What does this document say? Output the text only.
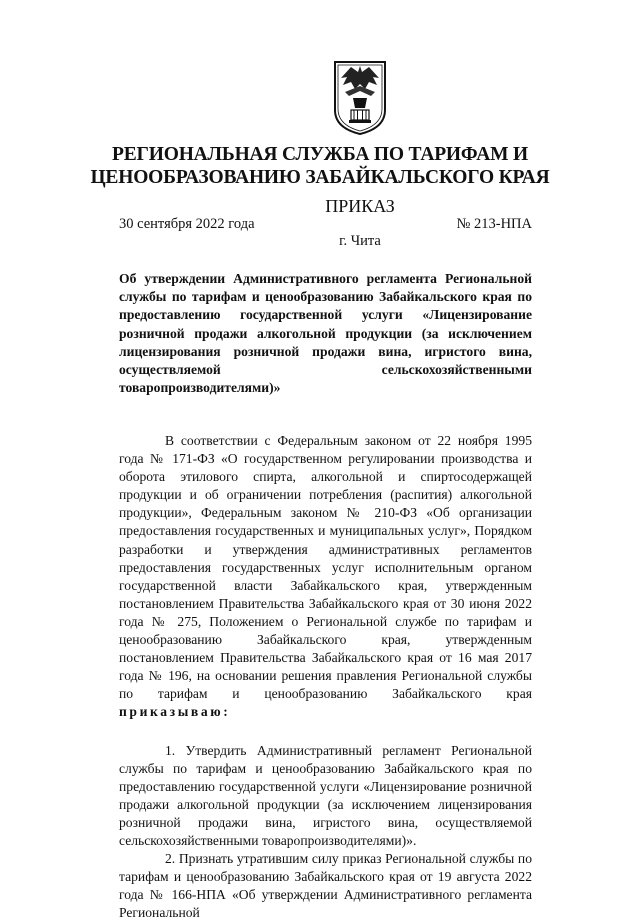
РЕГИОНАЛЬНАЯ СЛУЖБА ПО ТАРИФАМ И
ЦЕНООБРАЗОВАНИЮ ЗАБАЙКАЛЬСКОГО КРАЯ
ПРИКАЗ
30 сентября 2022 года	№ 213-НПА
г. Чита
Об утверждении Административного регламента Региональной службы по тарифам и ценообразованию Забайкальского края по предоставлению государственной услуги «Лицензирование розничной продажи алкогольной продукции (за исключением лицензирования розничной продажи вина, игристого вина, осуществляемой сельскохозяйственными товаропроизводителями)»

В соответствии с Федеральным законом от 22 ноября 1995 года № 171-ФЗ «О государственном регулировании производства и оборота этилового спирта, алкогольной и спиртосодержащей продукции и об ограничении потребления (распития) алкогольной продукции», Федеральным законом № 210-ФЗ «Об организации предоставления государственных и муниципальных услуг», Порядком разработки и утверждения административных регламентов предоставления государственных услуг исполнительным органом государственной власти Забайкальского края, утвержденным постановлением Правительства Забайкальского края от 30 июня 2022 года № 275, Положением о Региональной службе по тарифам и ценообразованию Забайкальского края, утвержденным постановлением Правительства Забайкальского края от 16 мая 2017 года № 196, на основании решения правления Региональной службы по тарифам и ценообразованию Забайкальского края приказываю:

1. Утвердить Административный регламент Региональной службы по тарифам и ценообразованию Забайкальского края по предоставлению государственной услуги «Лицензирование розничной продажи алкогольной продукции (за исключением лицензирования розничной продажи вина, игристого вина, осуществляемой сельскохозяйственными товаропроизводителями)».

2. Признать утратившим силу приказ Региональной службы по тарифам и ценообразованию Забайкальского края от 19 августа 2022 года № 166-НПА «Об утверждении Административного регламента Региональной
